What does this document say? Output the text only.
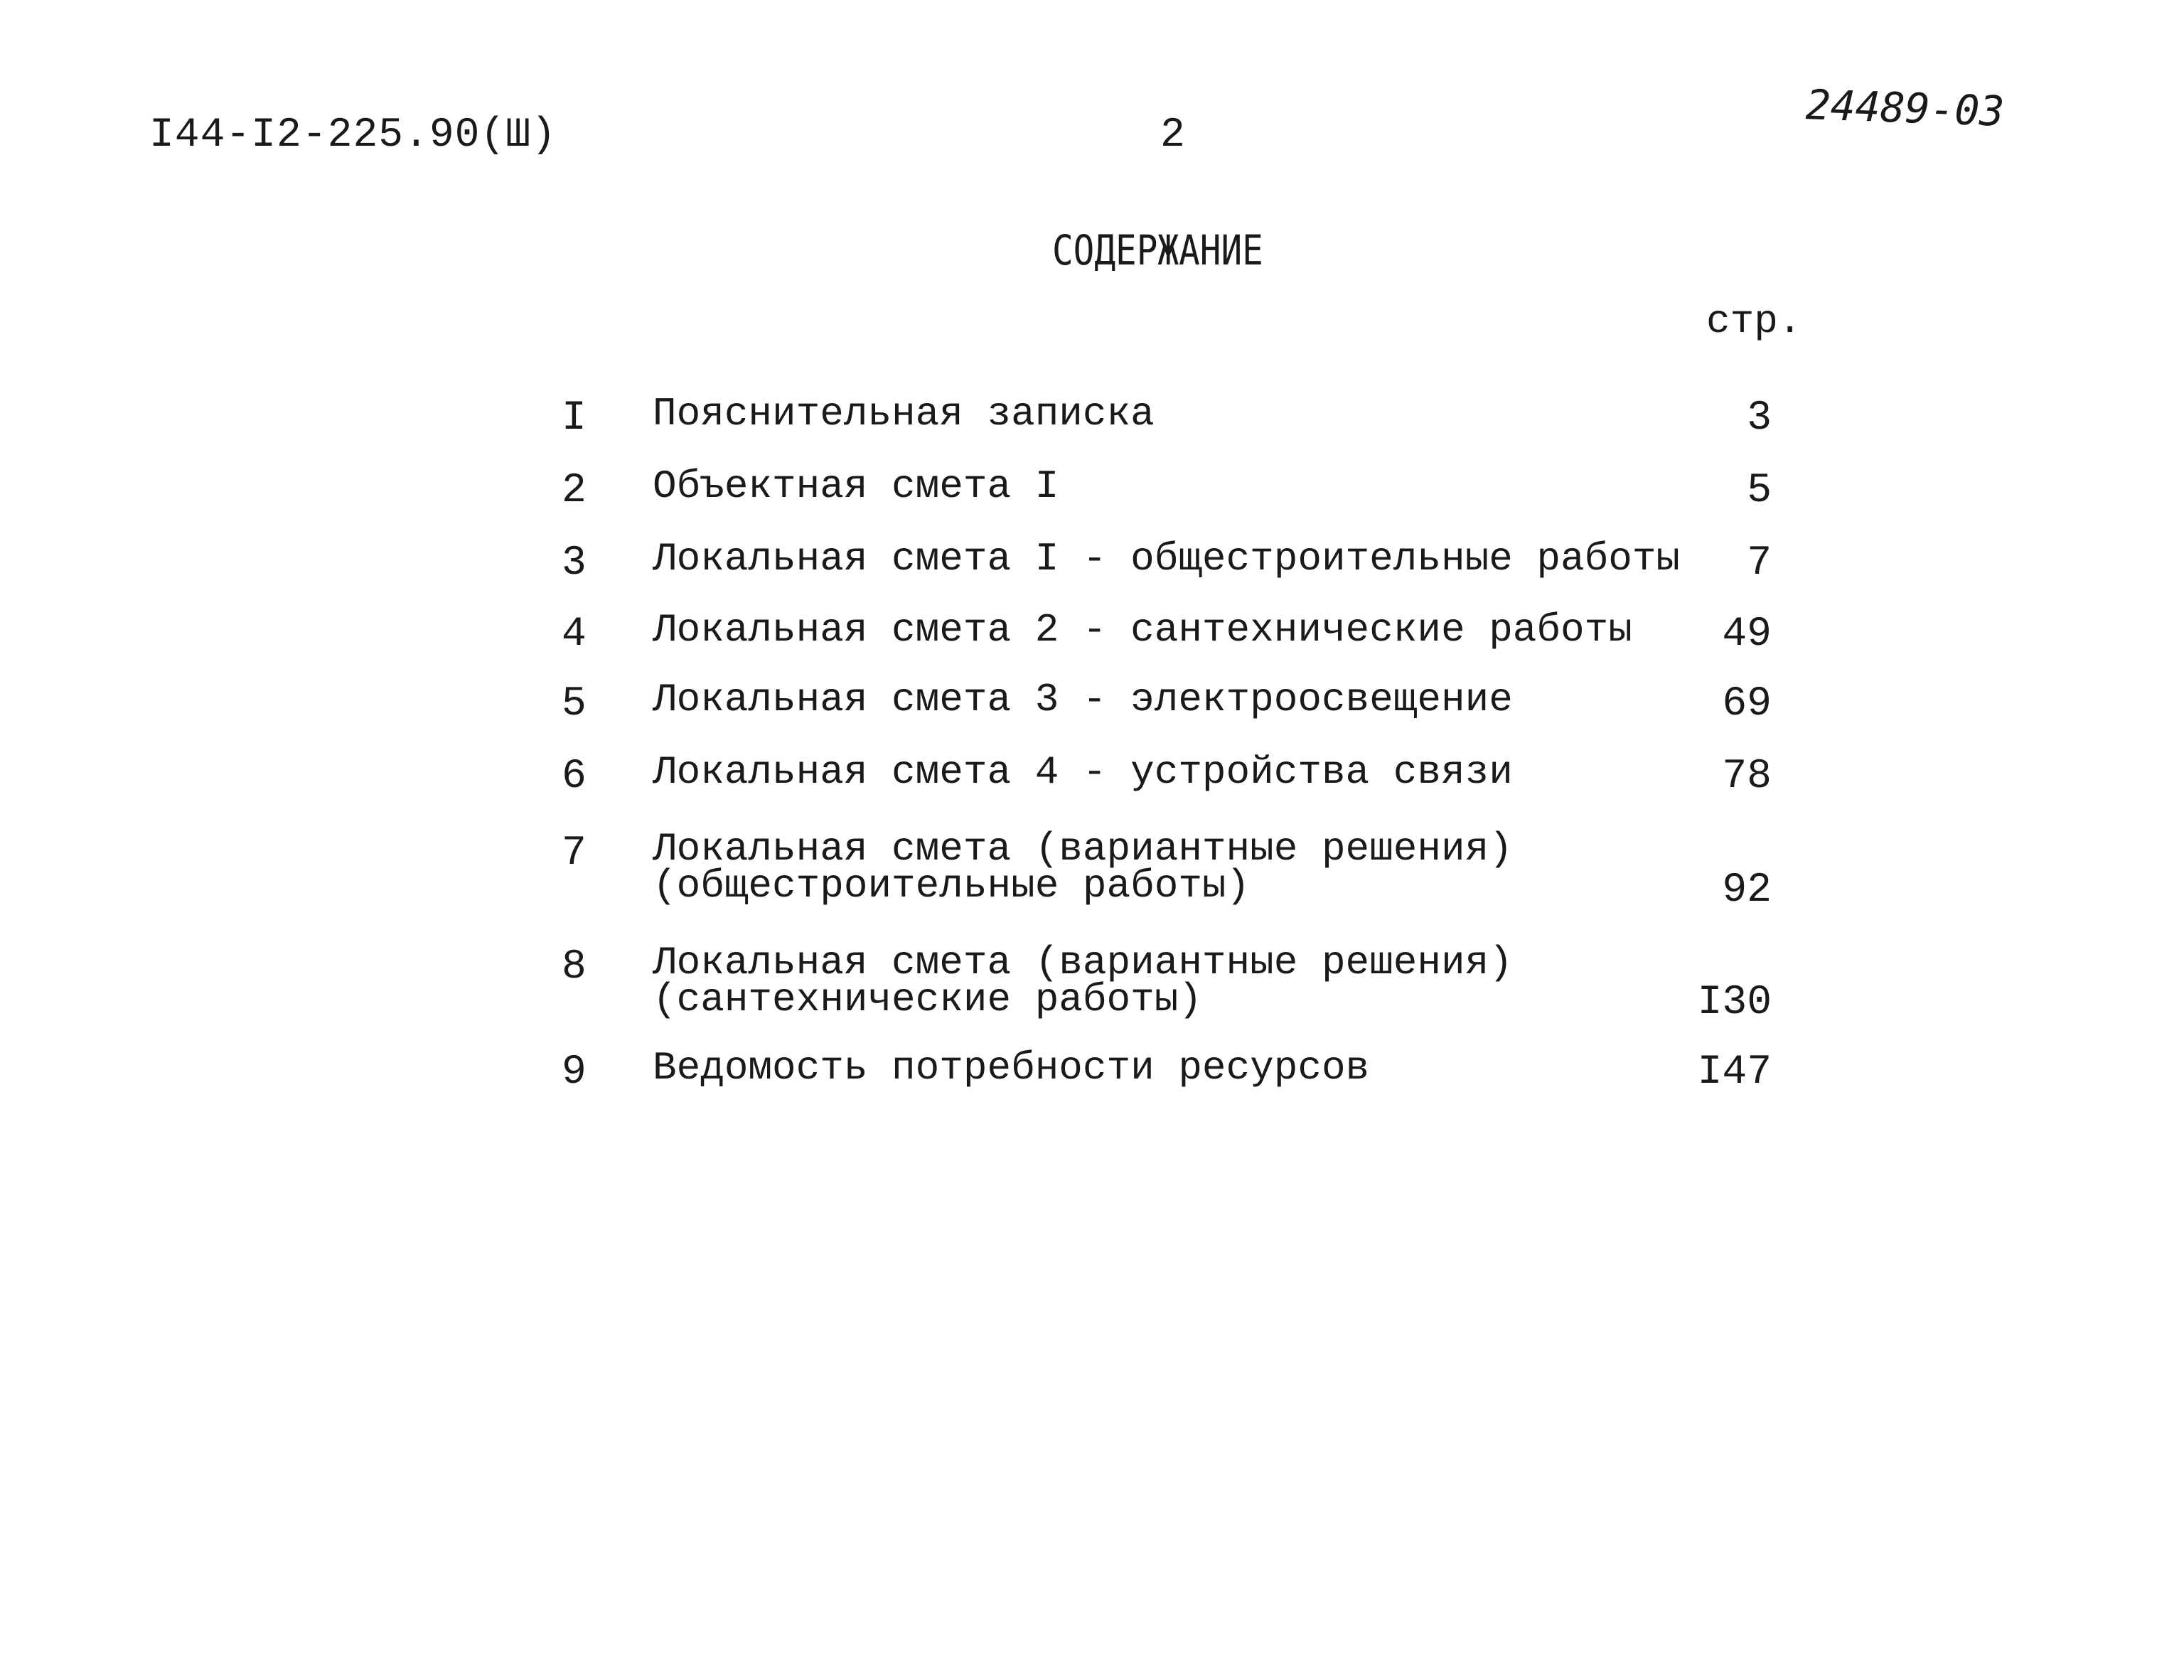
I44-I2-225.90(Ш)	2	24489-03
СОДЕРЖАНИЕ
стр.
I Пояснительная записка	3
2 Объектная смета I	5
3 Локальная смета I - общестроительные работы 7
4 Локальная смета 2 - сантехнические работы 49
5 Локальная смета 3 - электроосвещение	69
6 Локальная смета 4 - устройства связи	78
7 Локальная смета (вариантные решения)
(общестроительные работы)	92
8 Локальная смета (вариантные решения)
(сантехнические работы)	I30
9 Ведомость потребности ресурсов	I47
